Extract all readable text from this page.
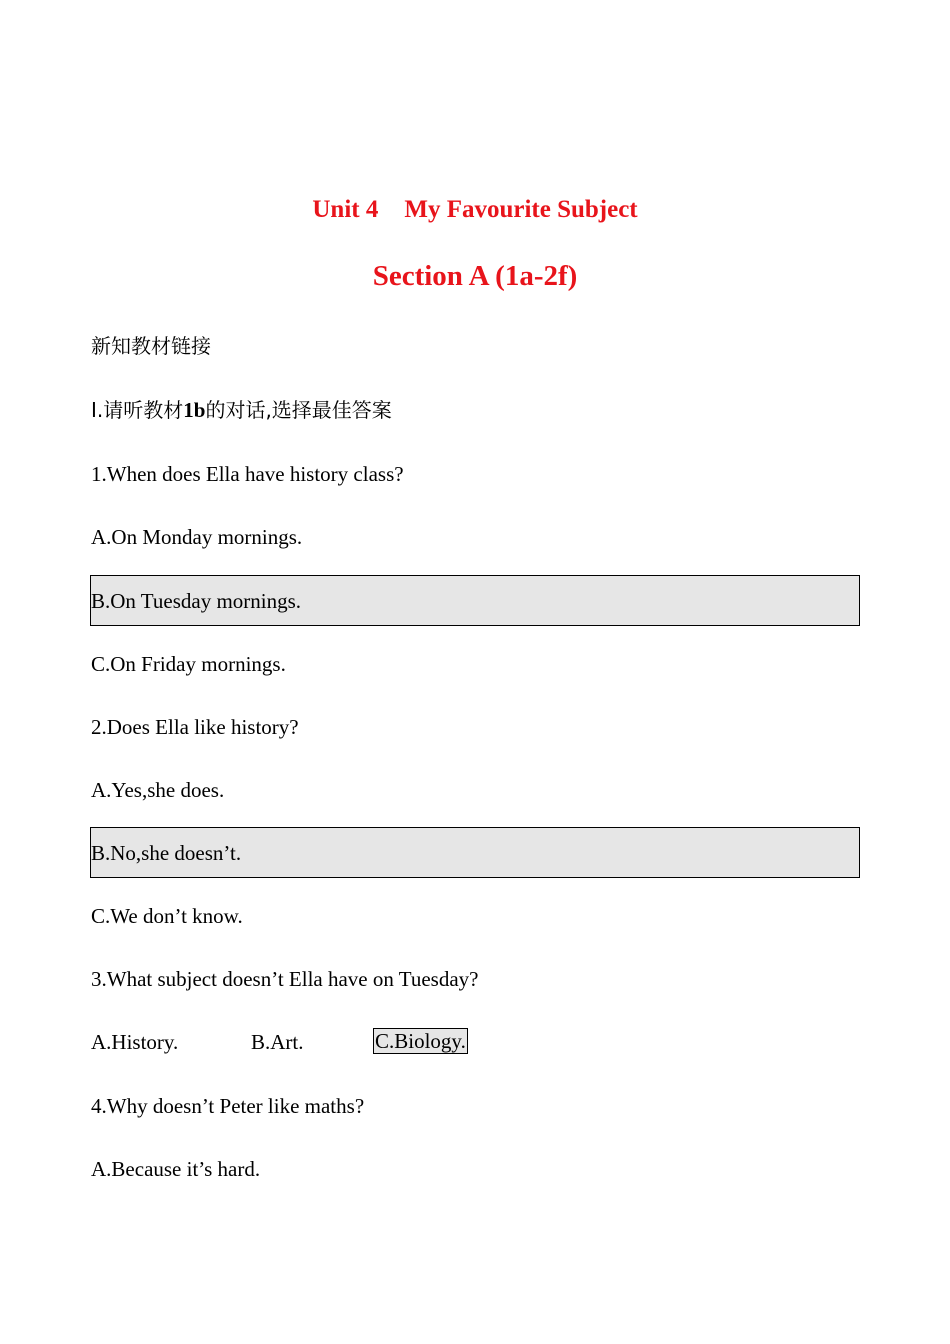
Unit 4 My Favourite Subject
Section A (1a-2f)
新知教材链接
Ⅰ.请听教材1b的对话,选择最佳答案
1.When does Ella have history class?
A.On Monday mornings.
B.On Tuesday mornings.
C.On Friday mornings.
2.Does Ella like history?
A.Yes,she does.
B.No,she doesn’t.
C.We don’t know.
3.What subject doesn’t Ella have on Tuesday?
A.History.	B.Art.	C.Biology.
4.Why doesn’t Peter like maths?
A.Because it’s hard.
